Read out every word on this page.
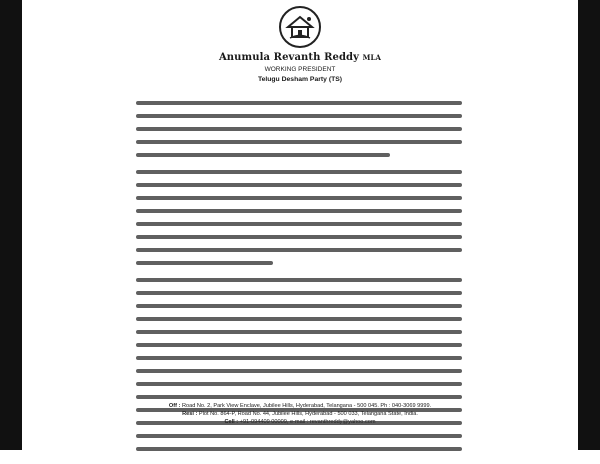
Anumula Revanth Reddy MLA
WORKING PRESIDENT
Telugu Desham Party (TS)
Off : Road No. 2, Park View Enclave, Jubilee Hills, Hyderabad, Telangana - 500 045. Ph : 040-3069 9999.
Resi : Plot No. 864-P, Road No. 44, Jubilee Hills, Hyderabad - 500 033, Telangana State, India.
Cell : +91-094409 00009, e-mail : revanthreddy@yahoo.com
